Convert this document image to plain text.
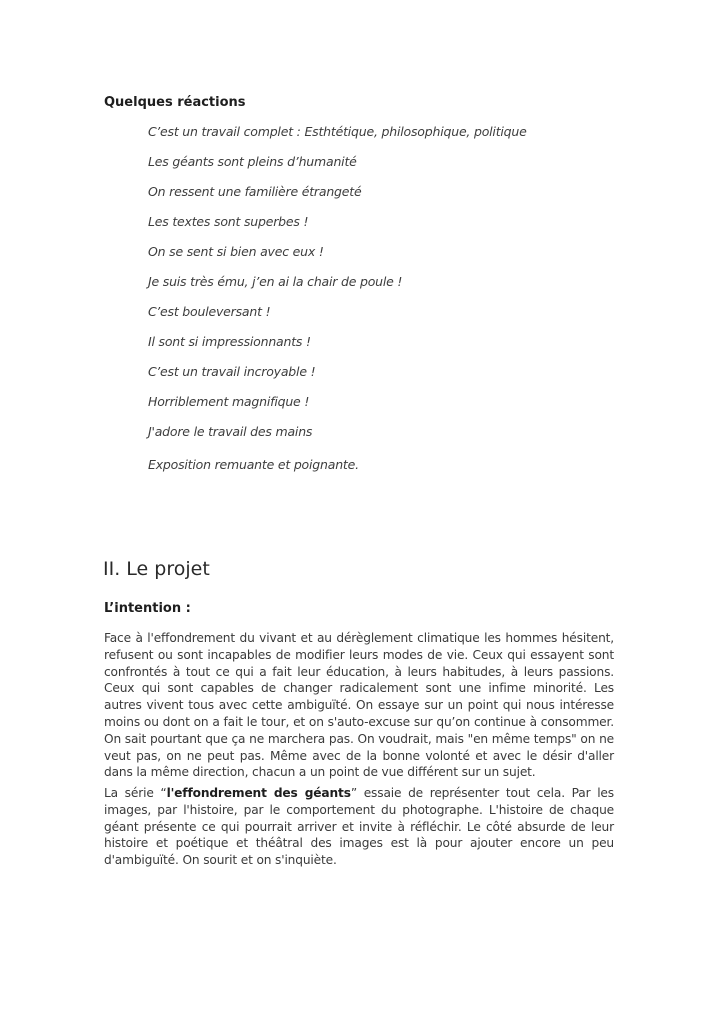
Quelques réactions
C’est un travail complet : Esthtétique, philosophique, politique
Les géants sont pleins d’humanité
On ressent une familière étrangeté
Les textes sont superbes !
On se sent si bien avec eux !
Je suis très ému, j’en ai la chair de poule !
C’est bouleversant !
Il sont si impressionnants !
C’est un travail incroyable !
Horriblement magnifique !
J'adore le travail des mains
Exposition remuante et poignante.
II. Le projet
L’intention :
Face à l'effondrement du vivant et au dérèglement climatique les hommes hésitent, refusent ou sont incapables de modifier leurs modes de vie. Ceux qui essayent sont confrontés à tout ce qui a fait leur éducation, à leurs habitudes, à leurs passions. Ceux qui sont capables de changer radicalement sont une infime minorité. Les autres vivent tous avec cette ambiguïté. On essaye sur un point qui nous intéresse moins ou dont on a fait le tour, et on s'auto-excuse sur qu’on continue à consommer. On sait pourtant que ça ne marchera pas. On voudrait, mais "en même temps" on ne veut pas, on ne peut pas. Même avec de la bonne volonté et avec le désir d'aller dans la même direction, chacun a un point de vue différent sur un sujet.
La série “l'effondrement des géants” essaie de représenter tout cela. Par les images, par l'histoire, par le comportement du photographe. L'histoire de chaque géant présente ce qui pourrait arriver et invite à réfléchir. Le côté absurde de leur histoire et poétique et théâtral des images est là pour ajouter encore un peu d'ambiguïté. On sourit et on s'inquiète.
